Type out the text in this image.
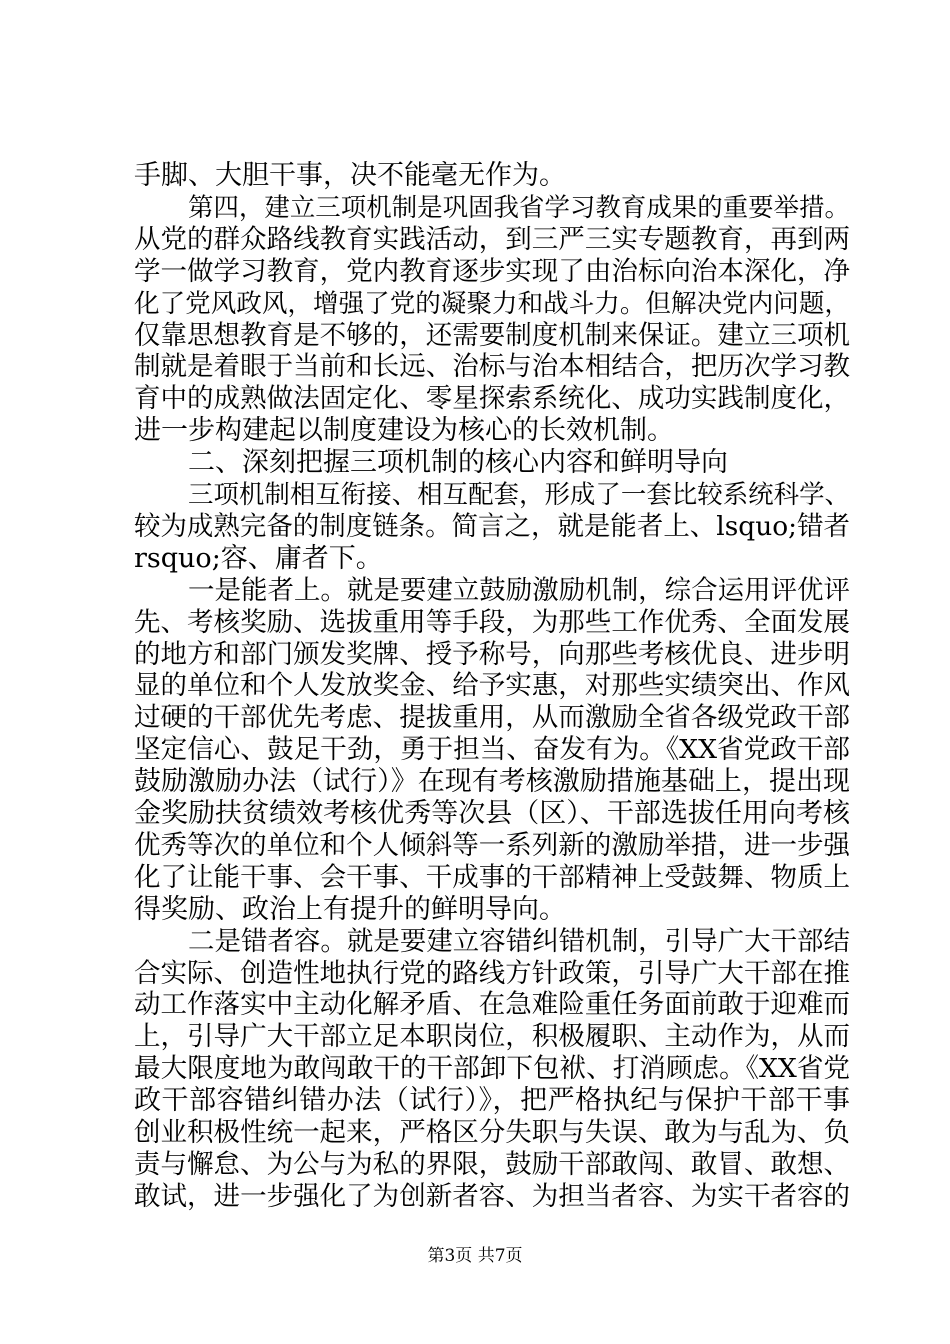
手脚、大胆干事，决不能毫无作为。
第四，建立三项机制是巩固我省学习教育成果的重要举措。
从党的群众路线教育实践活动，到三严三实专题教育，再到两
学一做学习教育，党内教育逐步实现了由治标向治本深化，净
化了党风政风，增强了党的凝聚力和战斗力。但解决党内问题，
仅靠思想教育是不够的，还需要制度机制来保证。建立三项机
制就是着眼于当前和长远、治标与治本相结合，把历次学习教
育中的成熟做法固定化、零星探索系统化、成功实践制度化，
进一步构建起以制度建设为核心的长效机制。
二、深刻把握三项机制的核心内容和鲜明导向
三项机制相互衔接、相互配套，形成了一套比较系统科学、
较为成熟完备的制度链条。简言之，就是能者上、lsquo;错者
rsquo;容、庸者下。
一是能者上。就是要建立鼓励激励机制，综合运用评优评
先、考核奖励、选拔重用等手段，为那些工作优秀、全面发展
的地方和部门颁发奖牌、授予称号，向那些考核优良、进步明
显的单位和个人发放奖金、给予实惠，对那些实绩突出、作风
过硬的干部优先考虑、提拔重用，从而激励全省各级党政干部
坚定信心、鼓足干劲，勇于担当、奋发有为。《XX省党政干部
鼓励激励办法（试行）》在现有考核激励措施基础上，提出现
金奖励扶贫绩效考核优秀等次县（区）、干部选拔任用向考核
优秀等次的单位和个人倾斜等一系列新的激励举措，进一步强
化了让能干事、会干事、干成事的干部精神上受鼓舞、物质上
得奖励、政治上有提升的鲜明导向。
二是错者容。就是要建立容错纠错机制，引导广大干部结
合实际、创造性地执行党的路线方针政策，引导广大干部在推
动工作落实中主动化解矛盾、在急难险重任务面前敢于迎难而
上，引导广大干部立足本职岗位，积极履职、主动作为，从而
最大限度地为敢闯敢干的干部卸下包袱、打消顾虑。《XX省党
政干部容错纠错办法（试行）》，把严格执纪与保护干部干事
创业积极性统一起来，严格区分失职与失误、敢为与乱为、负
责与懈怠、为公与为私的界限，鼓励干部敢闯、敢冒、敢想、
敢试，进一步强化了为创新者容、为担当者容、为实干者容的
第3页 共7页
